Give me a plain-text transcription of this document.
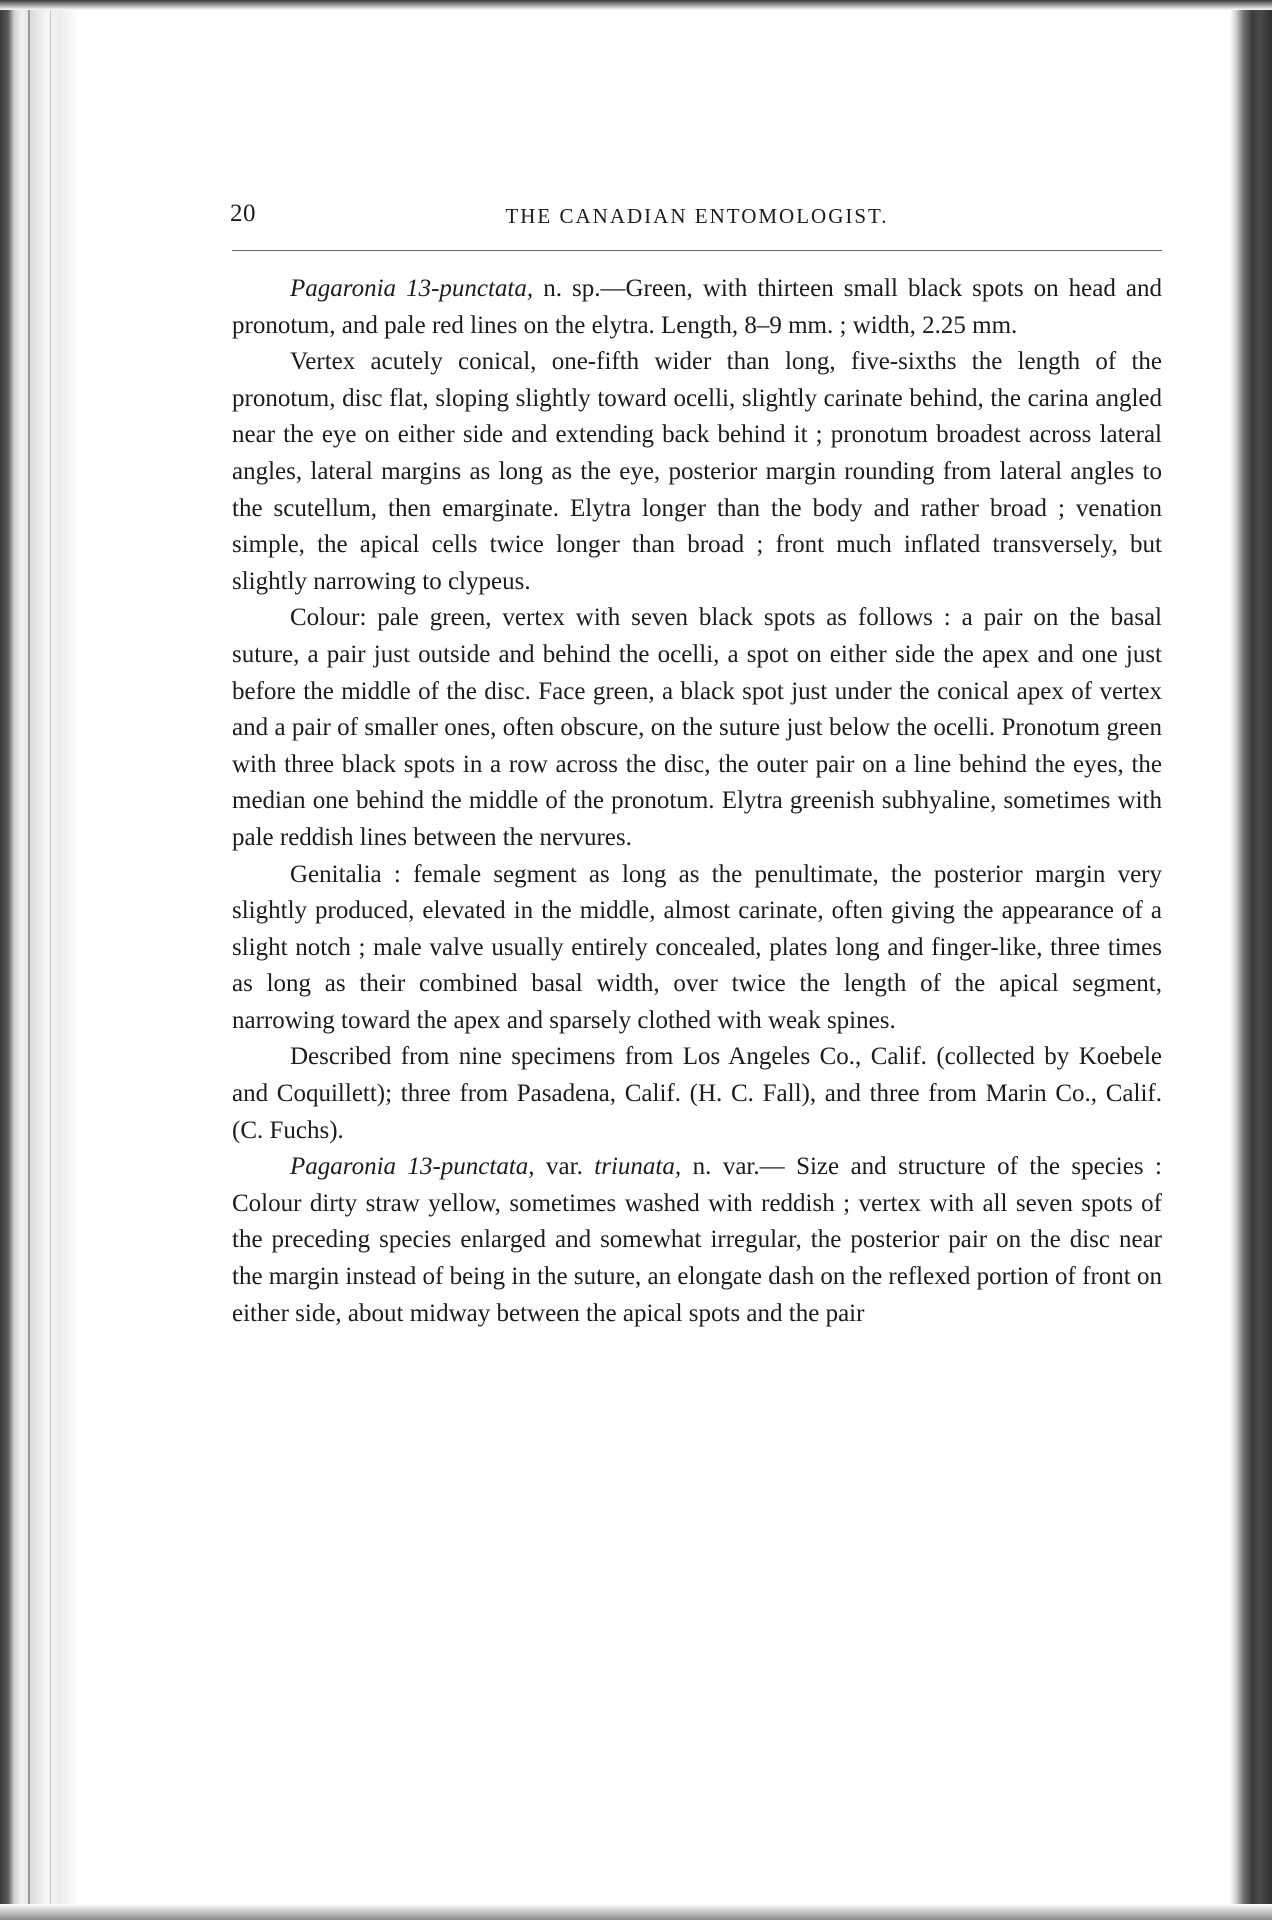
20	THE CANADIAN ENTOMOLOGIST.

Pagaronia 13-punctata, n. sp.—Green, with thirteen small black spots on head and pronotum, and pale red lines on the elytra. Length, 8–9 mm. ; width, 2.25 mm.

Vertex acutely conical, one-fifth wider than long, five-sixths the length of the pronotum, disc flat, sloping slightly toward ocelli, slightly carinate behind, the carina angled near the eye on either side and extending back behind it ; pronotum broadest across lateral angles, lateral margins as long as the eye, posterior margin rounding from lateral angles to the scutellum, then emarginate. Elytra longer than the body and rather broad ; venation simple, the apical cells twice longer than broad ; front much inflated transversely, but slightly narrowing to clypeus.

Colour: pale green, vertex with seven black spots as follows : a pair on the basal suture, a pair just outside and behind the ocelli, a spot on either side the apex and one just before the middle of the disc. Face green, a black spot just under the conical apex of vertex and a pair of smaller ones, often obscure, on the suture just below the ocelli. Pronotum green with three black spots in a row across the disc, the outer pair on a line behind the eyes, the median one behind the middle of the pronotum. Elytra greenish subhyaline, sometimes with pale reddish lines between the nervures.

Genitalia : female segment as long as the penultimate, the posterior margin very slightly produced, elevated in the middle, almost carinate, often giving the appearance of a slight notch ; male valve usually entirely concealed, plates long and finger-like, three times as long as their combined basal width, over twice the length of the apical segment, narrowing toward the apex and sparsely clothed with weak spines.

Described from nine specimens from Los Angeles Co., Calif. (collected by Koebele and Coquillett); three from Pasadena, Calif. (H. C. Fall), and three from Marin Co., Calif. (C. Fuchs).

Pagaronia 13-punctata, var. triunata, n. var.— Size and structure of the species : Colour dirty straw yellow, sometimes washed with reddish ; vertex with all seven spots of the preceding species enlarged and somewhat irregular, the posterior pair on the disc near the margin instead of being in the suture, an elongate dash on the reflexed portion of front on either side, about midway between the apical spots and the pair
